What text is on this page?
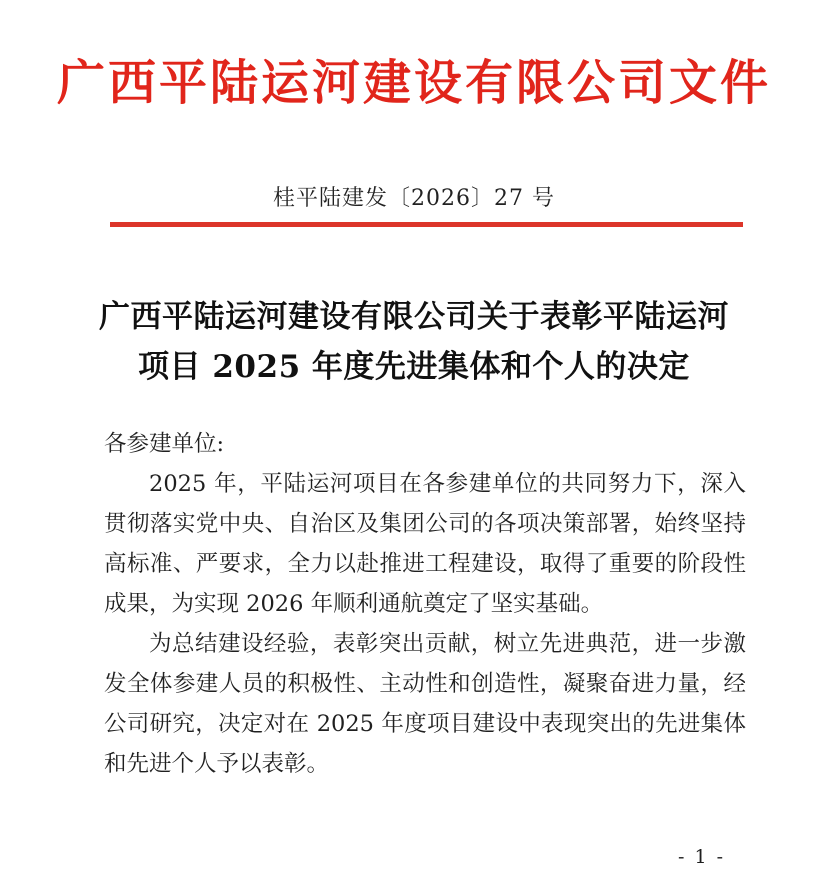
广西平陆运河建设有限公司文件
桂平陆建发〔2026〕27 号
广西平陆运河建设有限公司关于表彰平陆运河
项目 2025 年度先进集体和个人的决定
各参建单位:

2025 年，平陆运河项目在各参建单位的共同努力下，深入贯彻落实党中央、自治区及集团公司的各项决策部署，始终坚持高标准、严要求，全力以赴推进工程建设，取得了重要的阶段性成果，为实现 2026 年顺利通航奠定了坚实基础。

为总结建设经验，表彰突出贡献，树立先进典范，进一步激发全体参建人员的积极性、主动性和创造性，凝聚奋进力量，经公司研究，决定对在 2025 年度项目建设中表现突出的先进集体和先进个人予以表彰。

- 1 -
